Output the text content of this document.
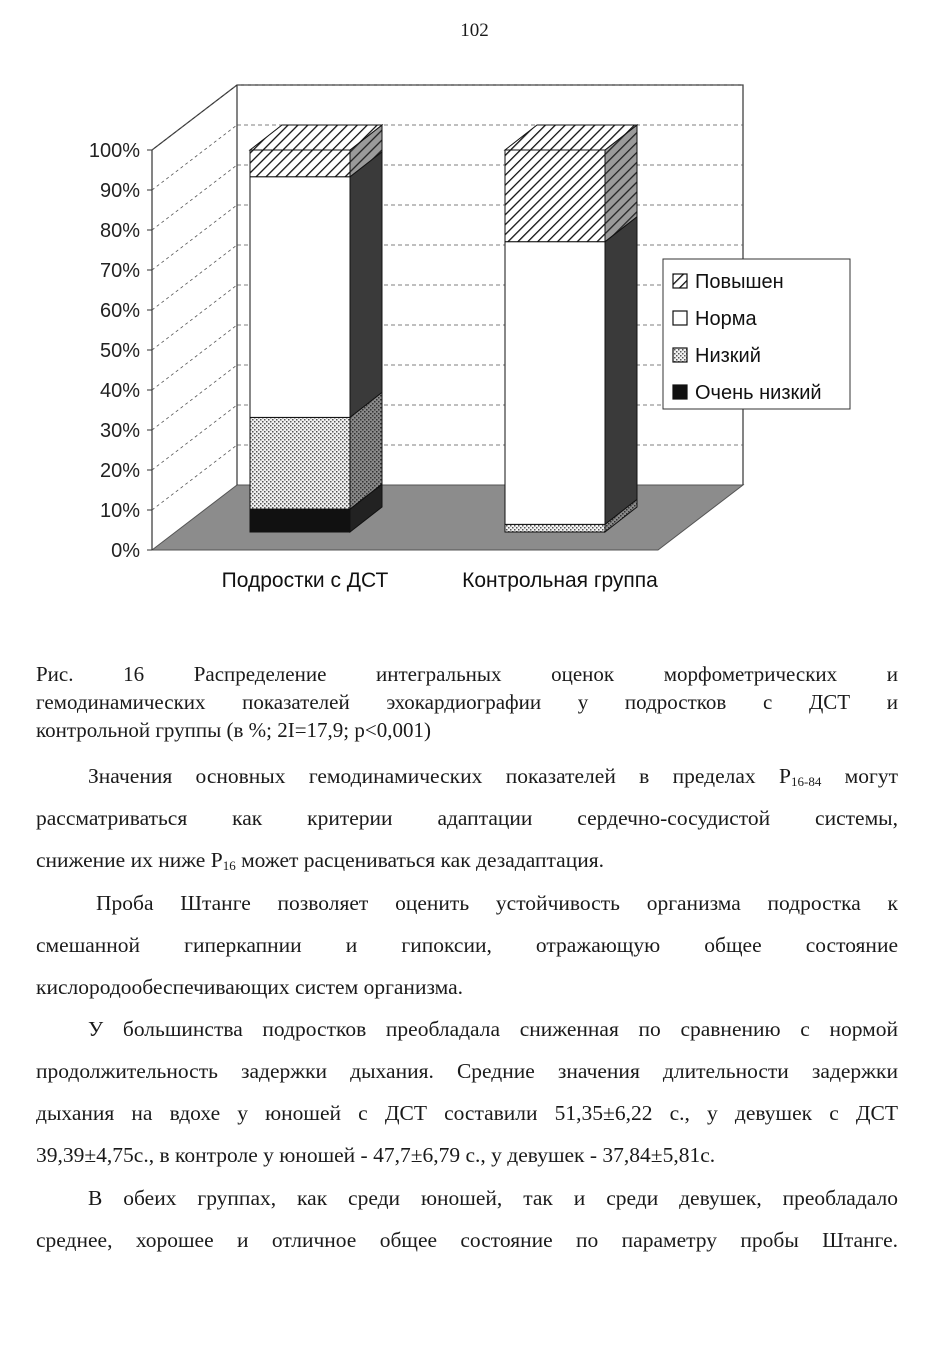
102
0%
10%
20%
30%
40%
50%
60%
70%
80%
90%
100%
Подростки с ДСТ	Контрольная группа
Повышен
Норма
Низкий
Очень низкий
Рис. 16 Распределение интегральных оценок морфометрических и
гемодинамических показателей эхокардиографии у подростков с ДСТ и
контрольной группы (в %; 2I=17,9; р<0,001)
Значения основных гемодинамических показателей в пределах $Р_{16-84}$ могут
рассматриваться как критерии адаптации сердечно-сосудистой системы,
снижение их ниже $Р_{16}$ может расцениваться как дезадаптация.
Проба Штанге позволяет оценить устойчивость организма подростка к
смешанной гиперкапнии и гипоксии, отражающую общее состояние
кислородообеспечивающих систем организма.
У большинства подростков преобладала сниженная по сравнению с нормой
продолжительность задержки дыхания. Средние значения длительности задержки
дыхания на вдохе у юношей с ДСТ составили 51,35±6,22 с., у девушек с ДСТ
39,39±4,75с., в контроле у юношей - 47,7±6,79 с., у девушек - 37,84±5,81с.
В обеих группах, как среди юношей, так и среди девушек, преобладало
среднее, хорошее и отличное общее состояние по параметру пробы Штанге.
